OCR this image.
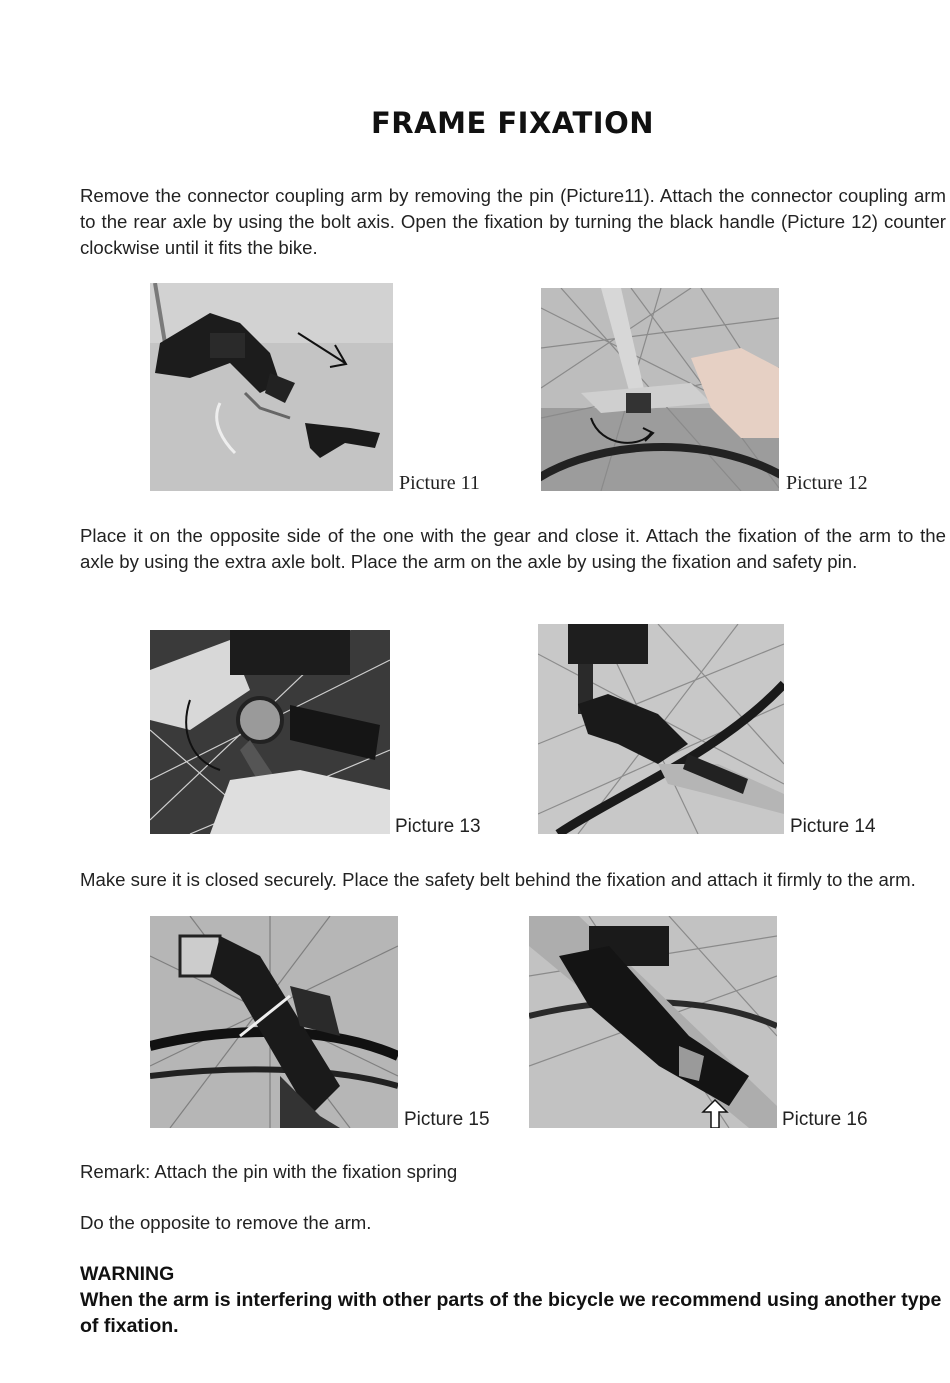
FRAME FIXATION
Remove the connector coupling arm by removing the pin (Picture11). Attach the connector coupling arm to the rear axle by using the bolt axis. Open the fixation by turning the black handle (Picture 12) counter clockwise until it fits the bike.
Picture 11	Picture 12
Place it on the opposite side of the one with the gear and close it. Attach the fixation of the arm to the axle by using the extra axle bolt. Place the arm on the axle by using the fixation and safety pin.
Picture 13	Picture 14
Make sure it is closed securely. Place the safety belt behind the fixation and attach it firmly to the arm.
Picture 15	Picture 16
Remark: Attach the pin with the fixation spring
Do the opposite to remove the arm.
WARNING
When the arm is interfering with other parts of the bicycle we recommend using another type of fixation.
